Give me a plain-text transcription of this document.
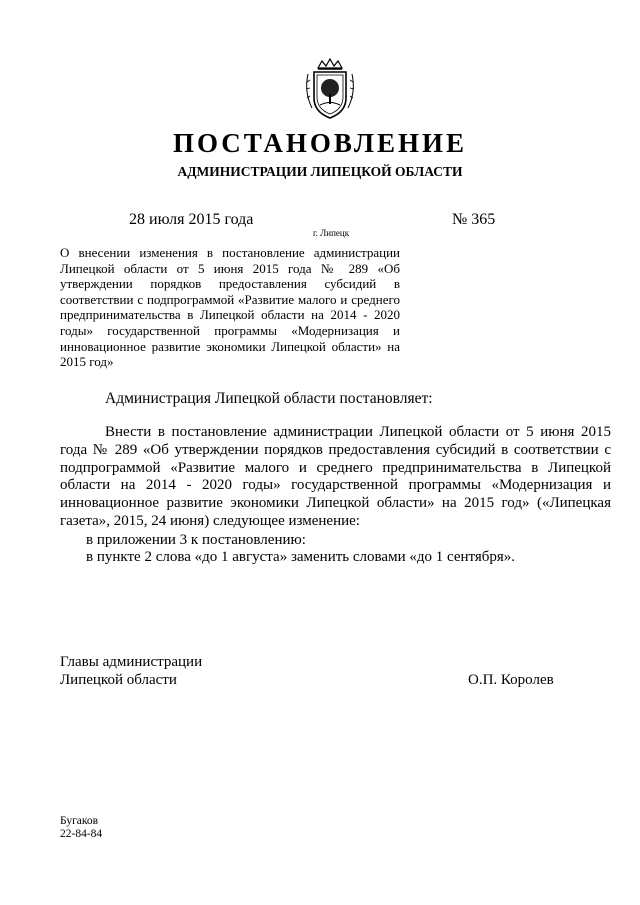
ПОСТАНОВЛЕНИЕ
АДМИНИСТРАЦИИ ЛИПЕЦКОЙ ОБЛАСТИ
28 июля 2015 года
г. Липецк
№ 365
О внесении изменения в постановление администрации Липецкой области от 5 июня 2015 года № 289 «Об утверждении порядков предоставления субсидий в соответствии с подпрограммой «Развитие малого и среднего предпринимательства в Липецкой области на 2014 - 2020 годы» государственной программы «Модернизация и инновационное развитие экономики Липецкой области» на 2015 год»
Администрация Липецкой области постановляет:
Внести в постановление администрации Липецкой области от 5 июня 2015 года № 289 «Об утверждении порядков предоставления субсидий в соответствии с подпрограммой «Развитие малого и среднего предпринимательства в Липецкой области на 2014 - 2020 годы» государственной программы «Модернизация и инновационное развитие экономики Липецкой области» на 2015 год» («Липецкая газета», 2015, 24 июня) следующее изменение:
в приложении 3 к постановлению:
в пункте 2 слова «до 1 августа» заменить словами «до 1 сентября».
Главы администрации
Липецкой области	О.П. Королев
Бугаков
22-84-84
